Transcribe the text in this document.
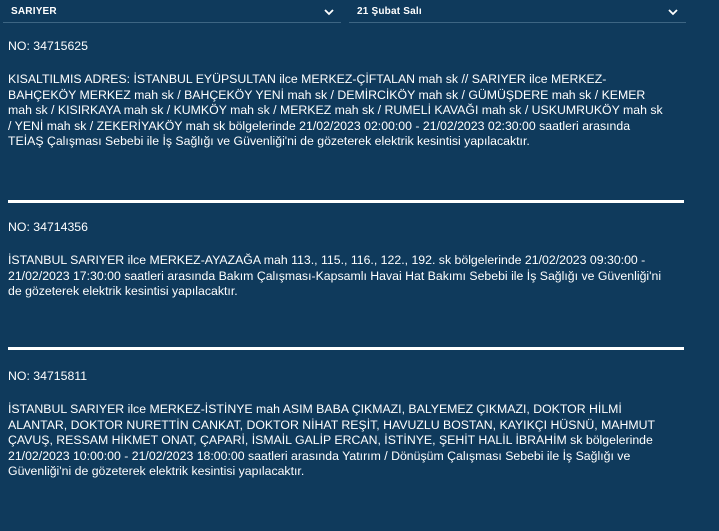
SARIYER	21 Şubat Salı
NO: 34715625
KISALTILMIS ADRES: İSTANBUL EYÜPSULTAN ilce MERKEZ-ÇİFTALAN mah sk // SARIYER ilce MERKEZ-
BAHÇEKÖY MERKEZ mah sk / BAHÇEKÖY YENİ mah sk / DEMİRCİKÖY mah sk / GÜMÜŞDERE mah sk / KEMER
mah sk / KISIRKAYA mah sk / KUMKÖY mah sk / MERKEZ mah sk / RUMELİ KAVAĞI mah sk / USKUMRUKÖY mah sk
/ YENİ mah sk / ZEKERİYAKÖY mah sk bölgelerinde 21/02/2023 02:00:00 - 21/02/2023 02:30:00 saatleri arasında
TEİAŞ Çalışması Sebebi ile İş Sağlığı ve Güvenliği'ni de gözeterek elektrik kesintisi yapılacaktır.
NO: 34714356
İSTANBUL SARIYER ilce MERKEZ-AYAZAĞA mah 113., 115., 116., 122., 192. sk bölgelerinde 21/02/2023 09:30:00 -
21/02/2023 17:30:00 saatleri arasında Bakım Çalışması-Kapsamlı Havai Hat Bakımı Sebebi ile İş Sağlığı ve Güvenliği'ni
de gözeterek elektrik kesintisi yapılacaktır.
NO: 34715811
İSTANBUL SARIYER ilce MERKEZ-İSTİNYE mah ASIM BABA ÇIKMAZI, BALYEMEZ ÇIKMAZI, DOKTOR HİLMİ
ALANTAR, DOKTOR NURETTİN CANKAT, DOKTOR NİHAT REŞİT, HAVUZLU BOSTAN, KAYIKÇI HÜSNÜ, MAHMUT
ÇAVUŞ, RESSAM HİKMET ONAT, ÇAPARİ, İSMAİL GALİP ERCAN, İSTİNYE, ŞEHİT HALİL İBRAHİM sk bölgelerinde
21/02/2023 10:00:00 - 21/02/2023 18:00:00 saatleri arasında Yatırım / Dönüşüm Çalışması Sebebi ile İş Sağlığı ve
Güvenliği'ni de gözeterek elektrik kesintisi yapılacaktır.
